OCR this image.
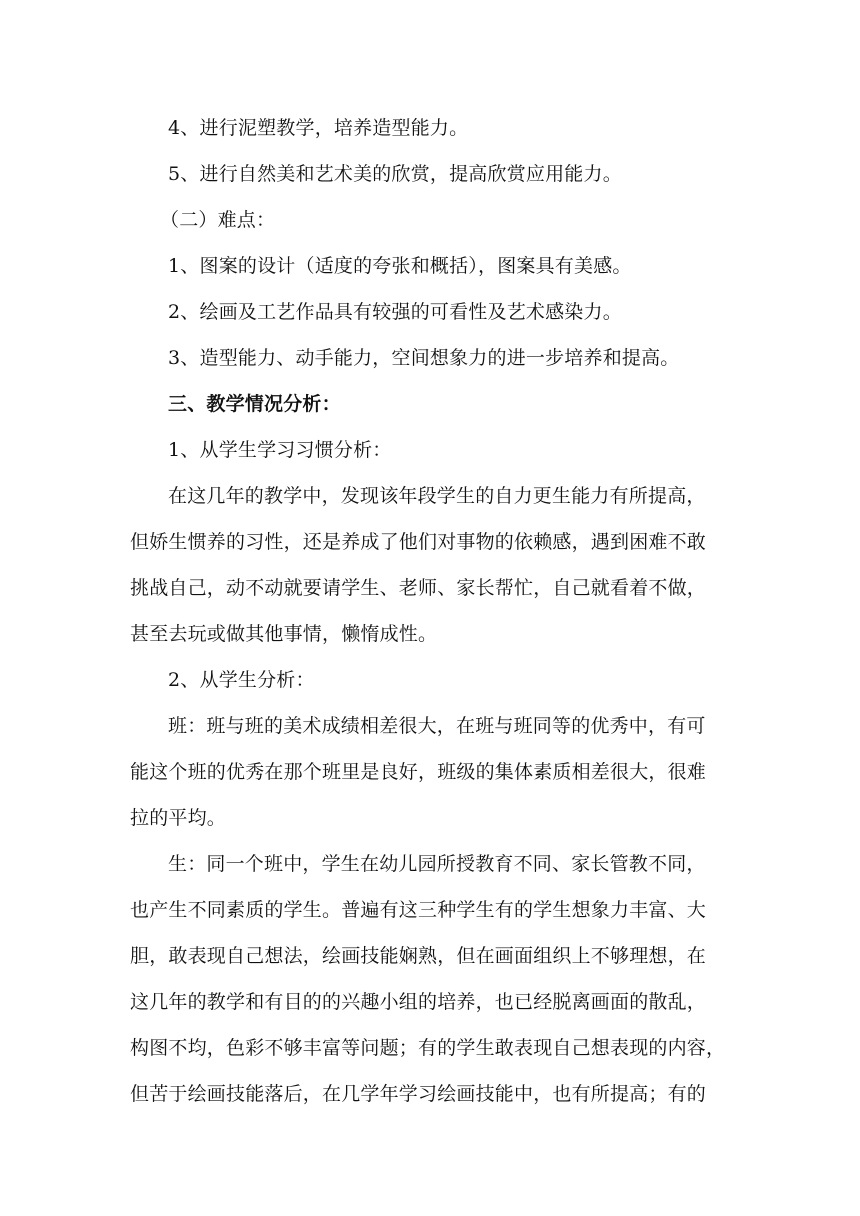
4、进行泥塑教学，培养造型能力。
5、进行自然美和艺术美的欣赏，提高欣赏应用能力。
（二）难点：
1、图案的设计（适度的夸张和概括），图案具有美感。
2、绘画及工艺作品具有较强的可看性及艺术感染力。
3、造型能力、动手能力，空间想象力的进一步培养和提高。
三、教学情况分析：
1、从学生学习习惯分析：
在这几年的教学中，发现该年段学生的自力更生能力有所提高，
但娇生惯养的习性，还是养成了他们对事物的依赖感，遇到困难不敢
挑战自己，动不动就要请学生、老师、家长帮忙，自己就看着不做，
甚至去玩或做其他事情，懒惰成性。
2、从学生分析：
班：班与班的美术成绩相差很大，在班与班同等的优秀中，有可
能这个班的优秀在那个班里是良好，班级的集体素质相差很大，很难
拉的平均。
生：同一个班中，学生在幼儿园所授教育不同、家长管教不同，
也产生不同素质的学生。普遍有这三种学生有的学生想象力丰富、大
胆，敢表现自己想法，绘画技能娴熟，但在画面组织上不够理想，在
这几年的教学和有目的的兴趣小组的培养，也已经脱离画面的散乱，
构图不均，色彩不够丰富等问题；有的学生敢表现自己想表现的内容，
但苦于绘画技能落后，在几学年学习绘画技能中，也有所提高；有的
